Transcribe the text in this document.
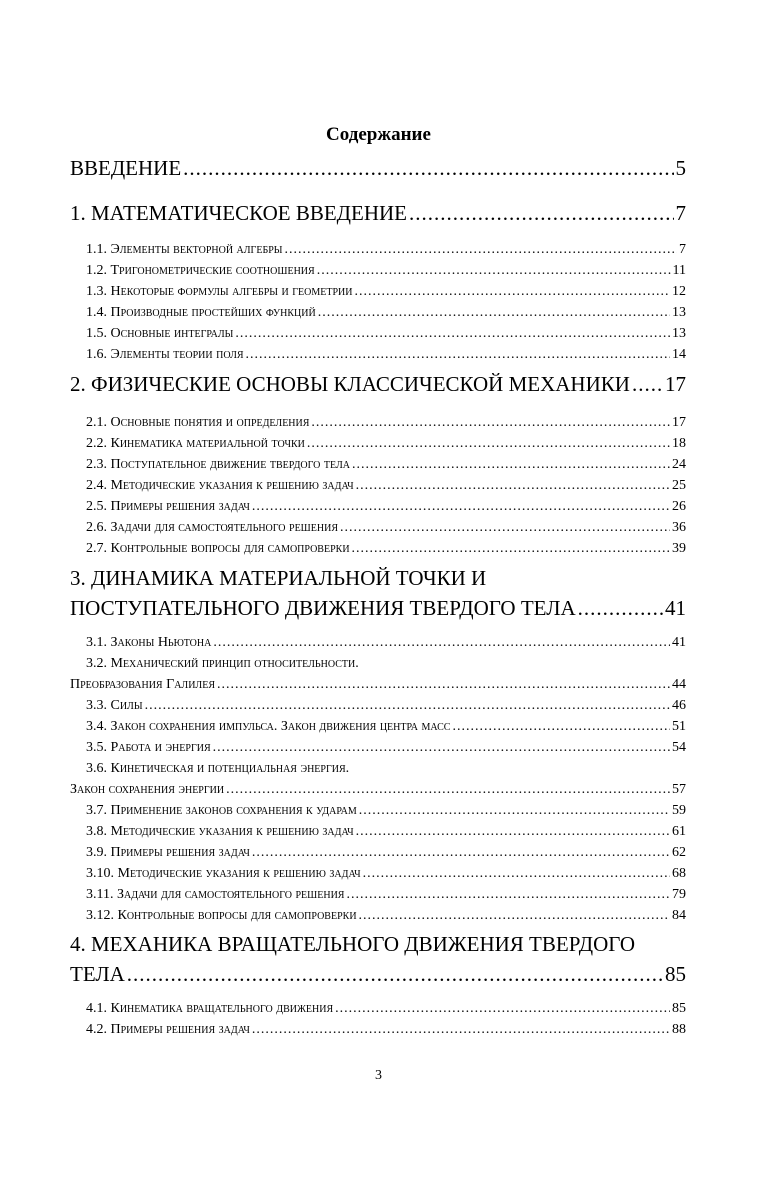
Содержание
ВВЕДЕНИЕ .....	5
1. МАТЕМАТИЧЕСКОЕ ВВЕДЕНИЕ .....	7
1.1. Элементы векторной алгебры .....	7
1.2. Тригонометрические соотношения .....	11
1.3. Некоторые формулы алгебры и геометрии .....	12
1.4. Производные простейших функций .....	13
1.5. Основные интегралы .....	13
1.6. Элементы теории поля .....	14
2. ФИЗИЧЕСКИЕ ОСНОВЫ КЛАССИЧЕСКОЙ МЕХАНИКИ ..... 17
2.1. Основные понятия и определения .....	17
2.2. Кинематика материальной точки .....	18
2.3. Поступательное движение твердого тела .....	24
2.4. Методические указания к решению задач .....	25
2.5. Примеры решения задач .....	26
2.6. Задачи для самостоятельного решения .....	36
2.7. Контрольные вопросы для самопроверки .....	39
3. ДИНАМИКА МАТЕРИАЛЬНОЙ ТОЧКИ И
ПОСТУПАТЕЛЬНОГО ДВИЖЕНИЯ ТВЕРДОГО ТЕЛА .....	41
3.1. Законы Ньютона .....	41
3.2. Механический принцип относительности.
Преобразования Галилея .....	44
3.3. Силы .....	46
3.4. Закон сохранения импульса. Закон движения центра масс .....	51
3.5. Работа и энергия .....	54
3.6. Кинетическая и потенциальная энергия.
Закон сохранения энергии .....	57
3.7. Применение законов сохранения к ударам .....	59
3.8. Методические указания к решению задач .....	61
3.9. Примеры решения задач .....	62
3.10. Методические указания к решению задач .....	68
3.11. Задачи для самостоятельного решения .....	79
3.12. Контрольные вопросы для самопроверки .....	84
4. МЕХАНИКА ВРАЩАТЕЛЬНОГО ДВИЖЕНИЯ ТВЕРДОГО
ТЕЛА .....	85
4.1. Кинематика вращательного движения .....	85
4.2. Примеры решения задач .....	88
3
